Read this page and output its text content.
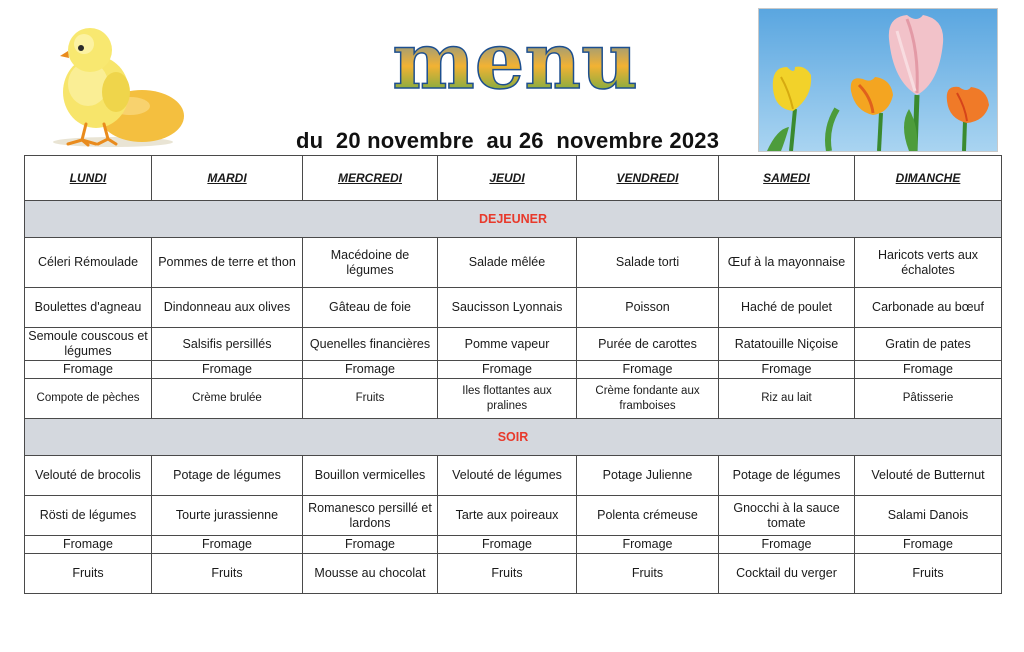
menu
du  20 novembre  au 26  novembre 2023
LUNDI	MARDI	MERCREDI	JEUDI	VENDREDI	SAMEDI	DIMANCHE
DEJEUNER						
Céleri Rémoulade	Pommes de terre et thon	Macédoine de légumes	Salade mêlée	Salade torti	Œuf à la mayonnaise	Haricots verts aux échalotes
Boulettes d'agneau	Dindonneau aux olives	Gâteau de foie	Saucisson Lyonnais	Poisson	Haché de poulet	Carbonade au bœuf
Semoule couscous et légumes	Salsifis persillés	Quenelles financières	Pomme vapeur	Purée de carottes	Ratatouille Niçoise	Gratin de pates
Fromage	Fromage	Fromage	Fromage	Fromage	Fromage	Fromage
Compote de pèches	Crème brulée	Fruits	Iles flottantes aux pralines	Crème fondante aux framboises	Riz au lait	Pâtisserie
SOIR						
Velouté de brocolis	Potage de légumes	Bouillon vermicelles	Velouté de légumes	Potage Julienne	Potage de légumes	Velouté de Butternut
Rösti de légumes	Tourte jurassienne	Romanesco persillé et lardons	Tarte aux poireaux	Polenta crémeuse	Gnocchi à la sauce tomate	Salami Danois
Fromage	Fromage	Fromage	Fromage	Fromage	Fromage	Fromage
Fruits	Fruits	Mousse au chocolat	Fruits	Fruits	Cocktail du verger	Fruits
